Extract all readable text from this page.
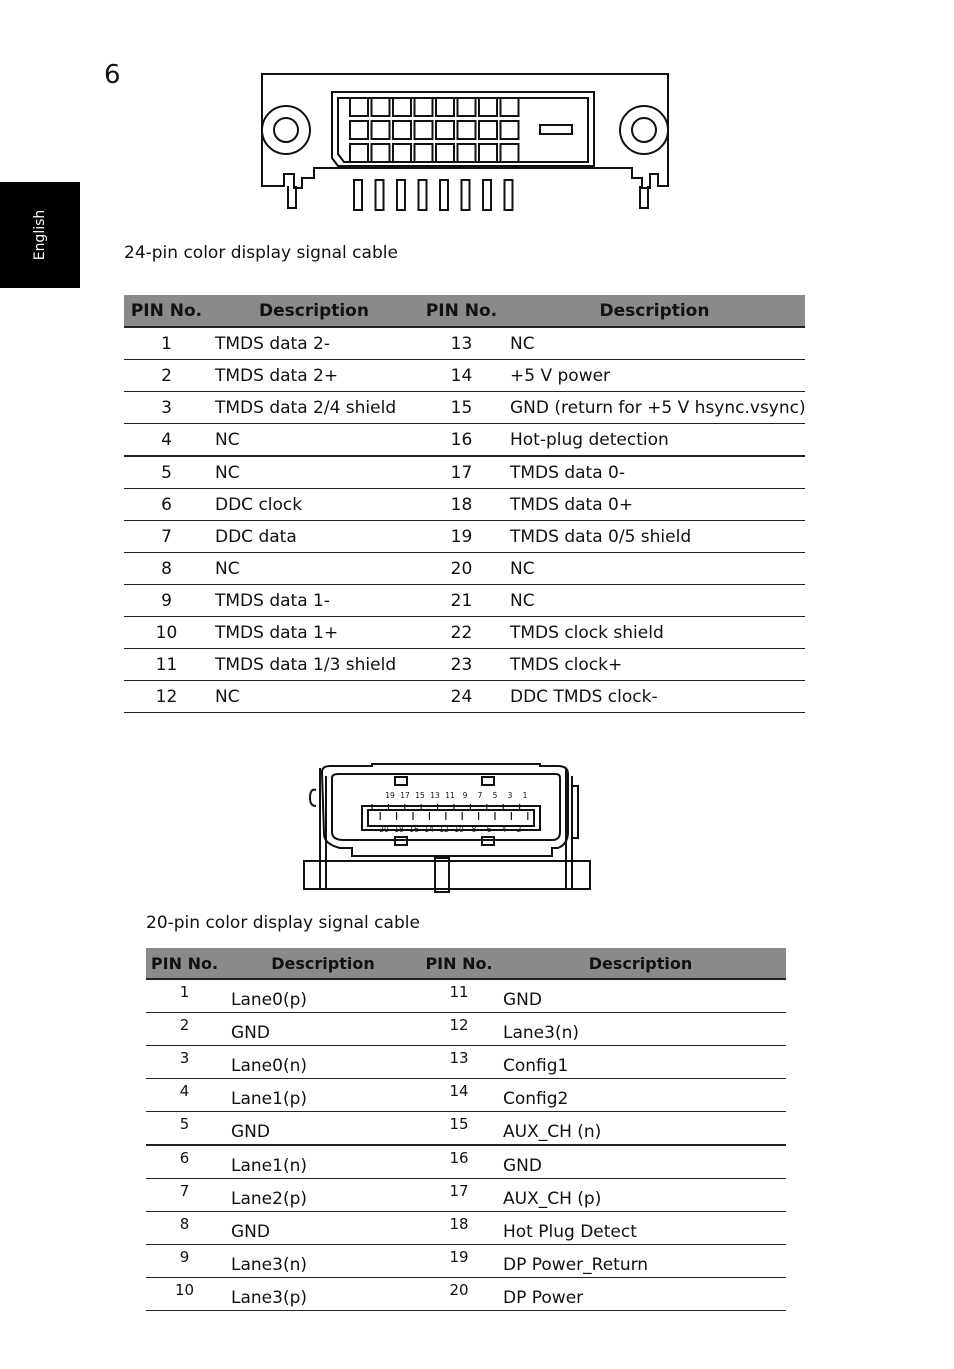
6
English	24-pin color display signal cable
PIN No.	Description	PIN No.	Description
1	TMDS data 2-	13	NC
2	TMDS data 2+	14	+5 V power
3	TMDS data 2/4 shield	15	GND (return for +5 V hsync.vsync)
4	NC	16	Hot-plug detection
5	NC	17	TMDS data 0-
6	DDC clock	18	TMDS data 0+
7	DDC data	19	TMDS data 0/5 shield
8	NC	20	NC
9	TMDS data 1-	21	NC
10	TMDS data 1+	22	TMDS clock shield
11	TMDS data 1/3 shield	23	TMDS clock+
12	NC	24	DDC TMDS clock-
19 17 15 13 11 9 7 5 3 1
20 18 16 14 12 10 8 6 4 2
20-pin color display signal cable
PIN No.	Description	PIN No.	Description
1	Lane0(p)	11	GND
2	GND	12	Lane3(n)
3	Lane0(n)	13	Config1
4	Lane1(p)	14	Config2
5	GND	15	AUX_CH (n)
6	Lane1(n)	16	GND
7	Lane2(p)	17	AUX_CH (p)
8	GND	18	Hot Plug Detect
9	Lane3(n)	19	DP Power_Return
10	Lane3(p)	20	DP Power
